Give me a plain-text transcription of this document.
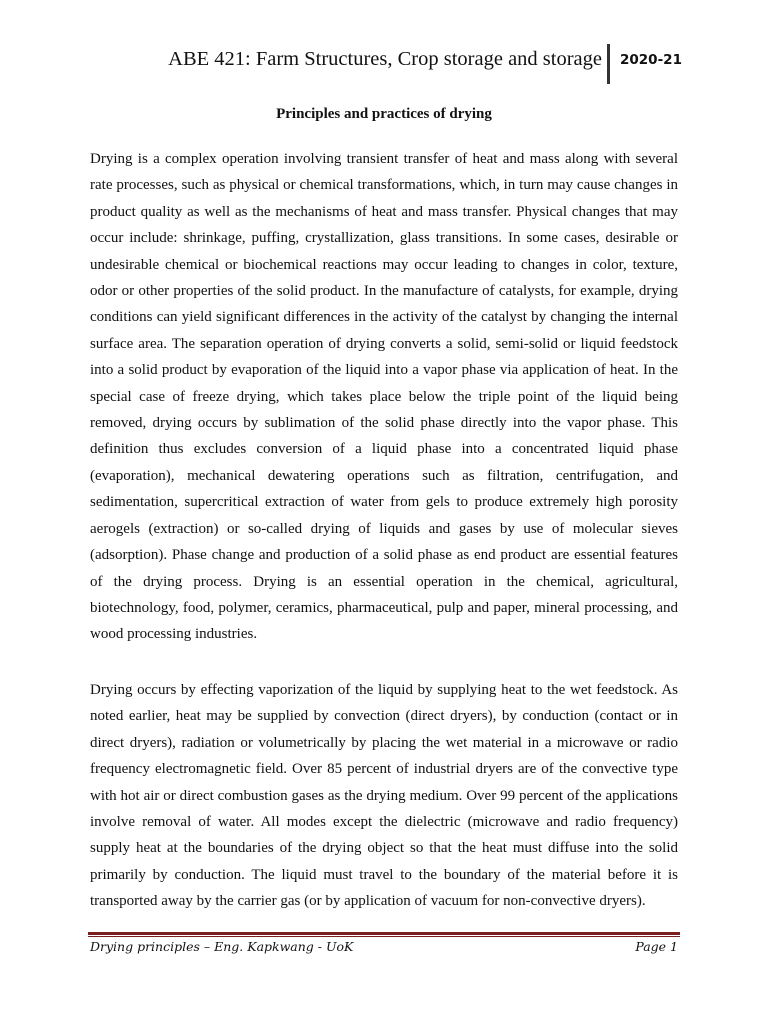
ABE 421: Farm Structures, Crop storage and storage 2020-21
Principles and practices of drying

Drying is a complex operation involving transient transfer of heat and mass along with several rate processes, such as physical or chemical transformations, which, in turn may cause changes in product quality as well as the mechanisms of heat and mass transfer. Physical changes that may occur include: shrinkage, puffing, crystallization, glass transitions. In some cases, desirable or undesirable chemical or biochemical reactions may occur leading to changes in color, texture, odor or other properties of the solid product. In the manufacture of catalysts, for example, drying conditions can yield significant differences in the activity of the catalyst by changing the internal surface area. The separation operation of drying converts a solid, semi-solid or liquid feedstock into a solid product by evaporation of the liquid into a vapor phase via application of heat. In the special case of freeze drying, which takes place below the triple point of the liquid being removed, drying occurs by sublimation of the solid phase directly into the vapor phase. This definition thus excludes conversion of a liquid phase into a concentrated liquid phase (evaporation), mechanical dewatering operations such as filtration, centrifugation, and sedimentation, supercritical extraction of water from gels to produce extremely high porosity aerogels (extraction) or so-called drying of liquids and gases by use of molecular sieves (adsorption). Phase change and production of a solid phase as end product are essential features of the drying process. Drying is an essential operation in the chemical, agricultural, biotechnology, food, polymer, ceramics, pharmaceutical, pulp and paper, mineral processing, and wood processing industries.

Drying occurs by effecting vaporization of the liquid by supplying heat to the wet feedstock. As noted earlier, heat may be supplied by convection (direct dryers), by conduction (contact or in direct dryers), radiation or volumetrically by placing the wet material in a microwave or radio frequency electromagnetic field. Over 85 percent of industrial dryers are of the convective type with hot air or direct combustion gases as the drying medium. Over 99 percent of the applications involve removal of water. All modes except the dielectric (microwave and radio frequency) supply heat at the boundaries of the drying object so that the heat must diffuse into the solid primarily by conduction. The liquid must travel to the boundary of the material before it is transported away by the carrier gas (or by application of vacuum for non-convective dryers).

Drying principles – Eng. Kapkwang - UoK	Page 1
